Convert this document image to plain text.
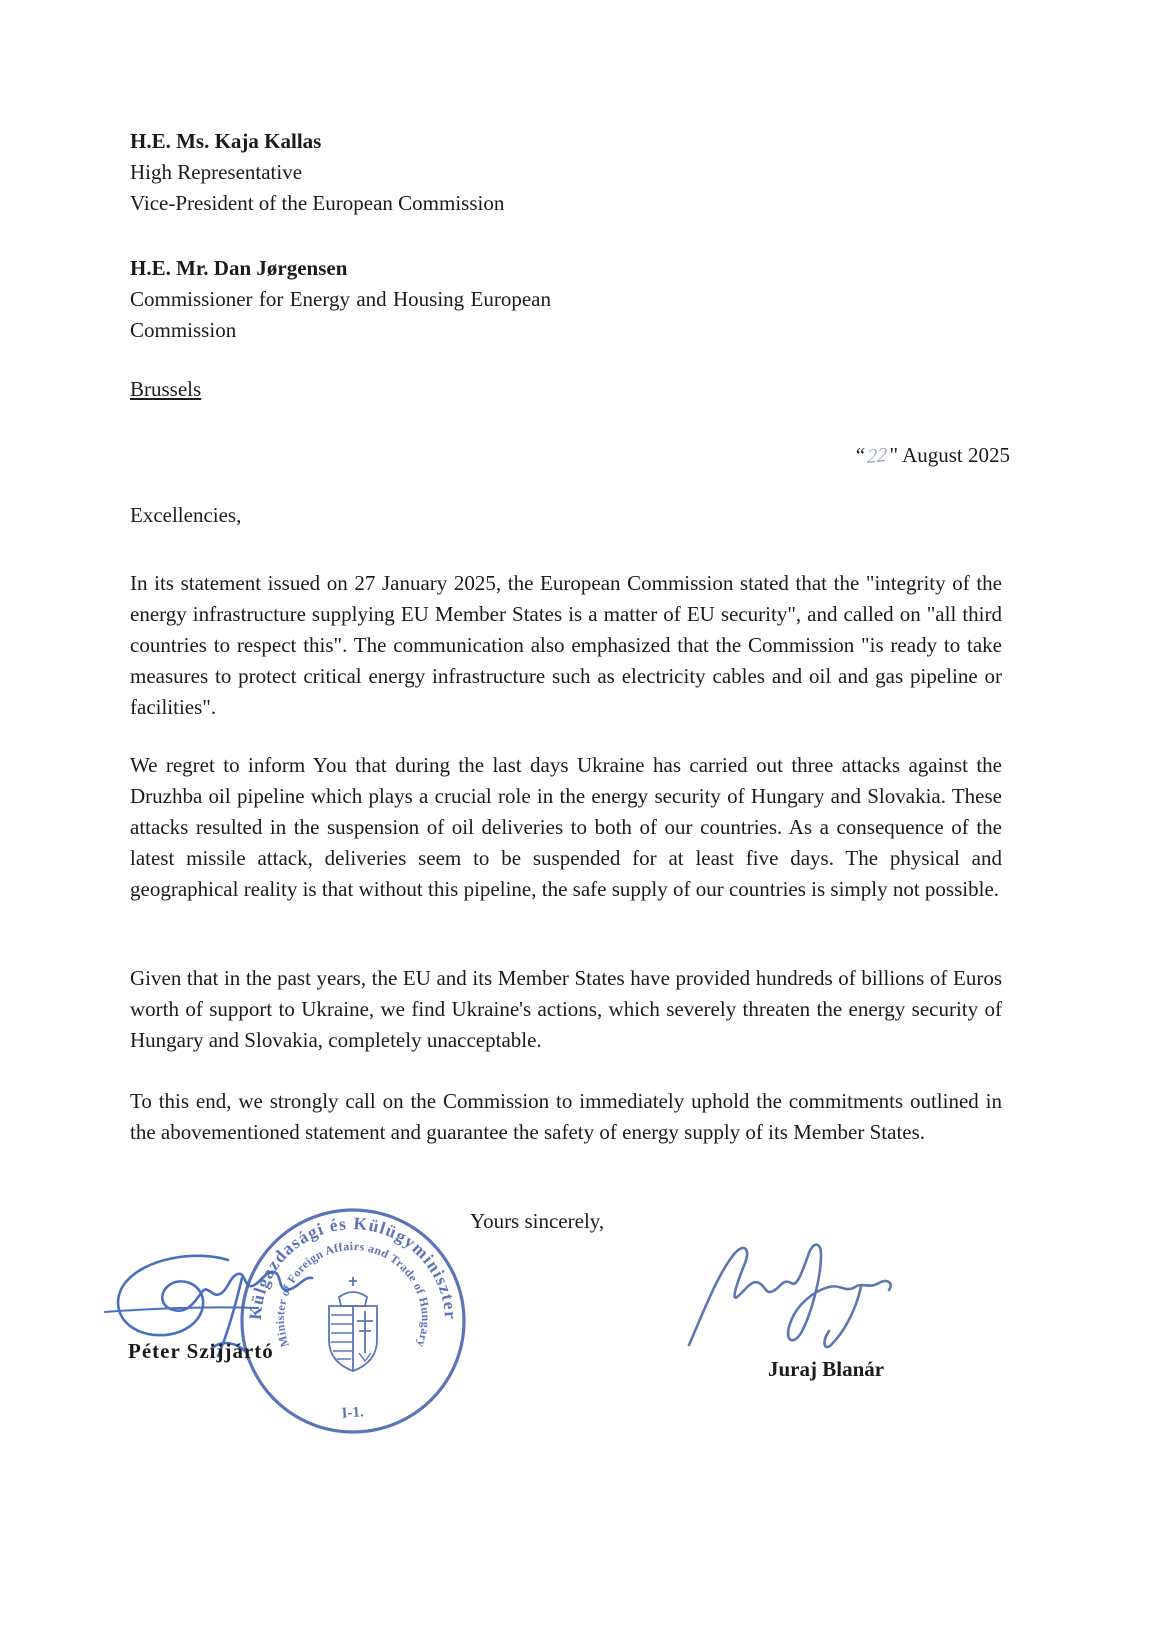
H.E. Ms. Kaja Kallas
High Representative
Vice-President of the European Commission
H.E. Mr. Dan Jørgensen
Commissioner for Energy and Housing European
Commission
Brussels
“22" August 2025
Excellencies,

In its statement issued on 27 January 2025, the European Commission stated that the "integrity of the energy infrastructure supplying EU Member States is a matter of EU security", and called on "all third countries to respect this". The communication also emphasized that the Commission "is ready to take measures to protect critical energy infrastructure such as electricity cables and oil and gas pipeline or facilities".

We regret to inform You that during the last days Ukraine has carried out three attacks against the Druzhba oil pipeline which plays a crucial role in the energy security of Hungary and Slovakia. These attacks resulted in the suspension of oil deliveries to both of our countries. As a consequence of the latest missile attack, deliveries seem to be suspended for at least five days. The physical and geographical reality is that without this pipeline, the safe supply of our countries is simply not possible.

Given that in the past years, the EU and its Member States have provided hundreds of billions of Euros worth of support to Ukraine, we find Ukraine's actions, which severely threaten the energy security of Hungary and Slovakia, completely unacceptable.

To this end, we strongly call on the Commission to immediately uphold the commitments outlined in the abovementioned statement and guarantee the safety of energy supply of its Member States.

Yours sincerely,
Külgazdasági és Külügyminiszter
Minister of Foreign Affairs and Trade of Hungary
I-1.
Péter Szijjártó
Juraj Blanár
